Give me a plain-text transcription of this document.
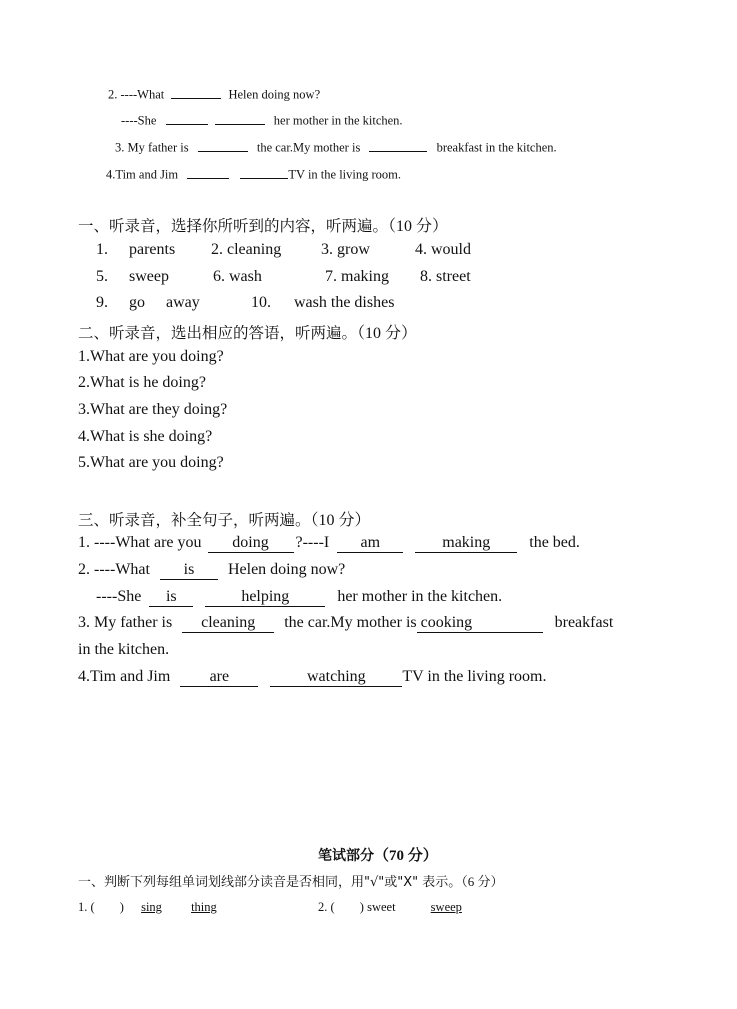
2. ----What	Helen doing now?
----She	her mother in the kitchen.
3. My father is	the car.My mother is	breakfast in the kitchen.
4.Tim and Jim	TV in the living room.
一、听录音，选择你所听到的内容，听两遍。（10 分）
1. parents 2. cleaning 3. grow	4. would
5. sweep	6. wash	7. making 8. street
9. go away	10. wash the dishes
二、听录音，选出相应的答语，听两遍。（10 分）
1.What are you doing?
2.What is he doing?
3.What are they doing?
4.What is she doing?
5.What are you doing?
三、听录音，补全句子，听两遍。（10 分）
1. ----What are you doing ?----I am	making the bed.
2. ----What is Helen doing now?
----She is	helping	her mother in the kitchen.
3. My father is cleaning the car.My mother is cooking	breakfast
in the kitchen.
4.Tim and Jim are	watching TV in the living room.
笔试部分（70 分）
一、判断下列每组单词划线部分读音是否相同，用"√"或"X" 表示。（6 分）
1. ( ) sing thing	2. ( ) sweet	sweep
